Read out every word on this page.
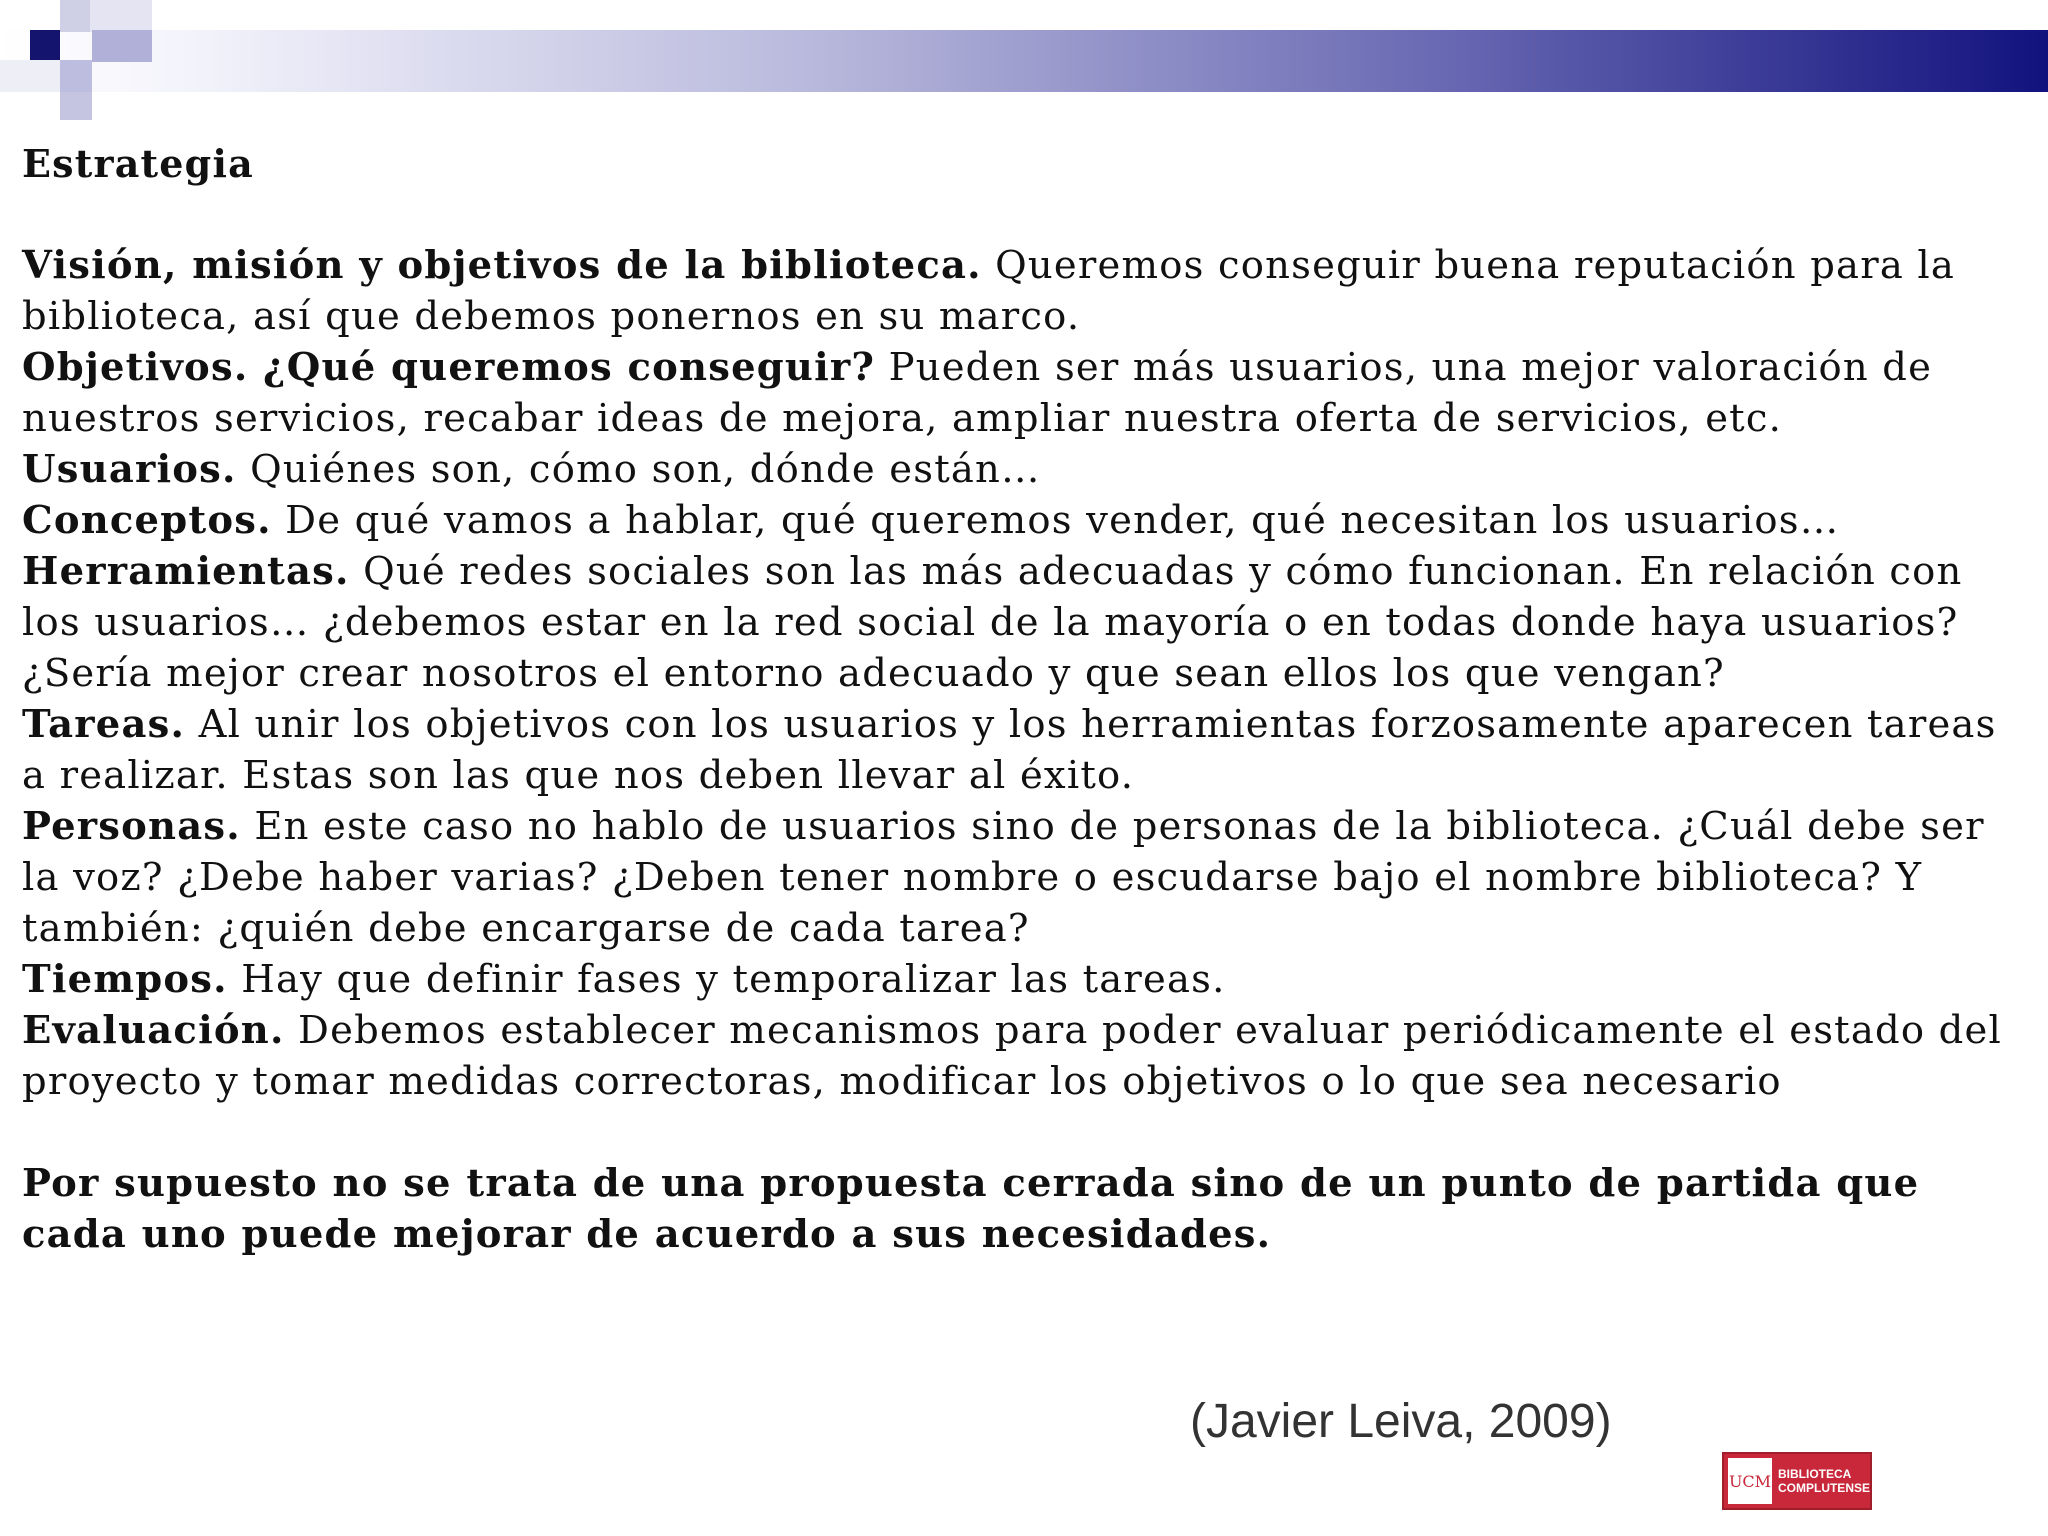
Estrategia

Visión, misión y objetivos de la biblioteca. Queremos conseguir buena reputación para la biblioteca, así que debemos ponernos en su marco.

Objetivos. ¿Qué queremos conseguir? Pueden ser más usuarios, una mejor valoración de nuestros servicios, recabar ideas de mejora, ampliar nuestra oferta de servicios, etc.

Usuarios. Quiénes son, cómo son, dónde están…

Conceptos. De qué vamos a hablar, qué queremos vender, qué necesitan los usuarios…

Herramientas. Qué redes sociales son las más adecuadas y cómo funcionan. En relación con los usuarios… ¿debemos estar en la red social de la mayoría o en todas donde haya usuarios? ¿Sería mejor crear nosotros el entorno adecuado y que sean ellos los que vengan?

Tareas. Al unir los objetivos con los usuarios y los herramientas forzosamente aparecen tareas a realizar. Estas son las que nos deben llevar al éxito.

Personas. En este caso no hablo de usuarios sino de personas de la biblioteca. ¿Cuál debe ser la voz? ¿Debe haber varias? ¿Deben tener nombre o escudarse bajo el nombre biblioteca? Y también: ¿quién debe encargarse de cada tarea?

Tiempos. Hay que definir fases y temporalizar las tareas.

Evaluación. Debemos establecer mecanismos para poder evaluar periódicamente el estado del proyecto y tomar medidas correctoras, modificar los objetivos o lo que sea necesario

Por supuesto no se trata de una propuesta cerrada sino de un punto de partida que cada uno puede mejorar de acuerdo a sus necesidades.

(Javier Leiva, 2009)
UCM BIBLIOTECA
COMPLUTENSE
